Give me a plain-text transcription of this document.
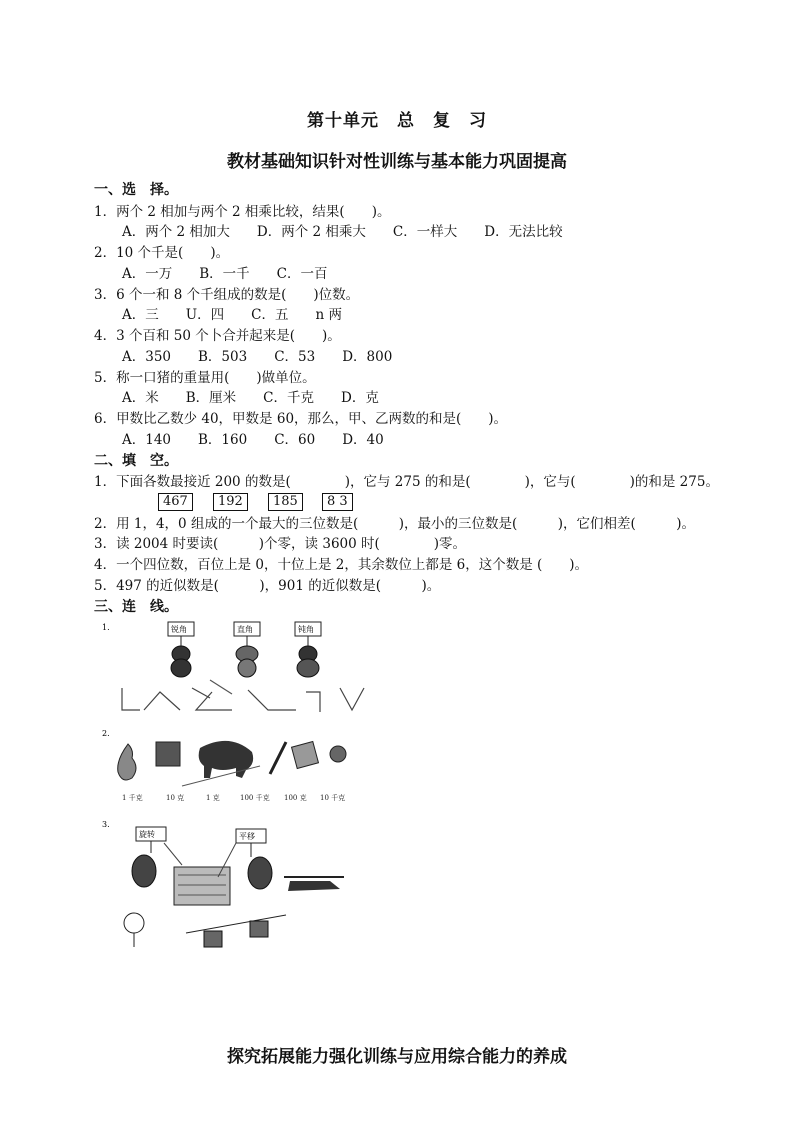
第十单元　总　复　习
教材基础知识针对性训练与基本能力巩固提高
一、选　择。
1．两个 2 相加与两个 2 相乘比较，结果(　　)。
A．两个 2 相加大　　D．两个 2 相乘大　　C．一样大　　D．无法比较
2．10 个千是(　　)。
A．一万　　B．一千　　C．一百
3．6 个一和 8 个千组成的数是(　　)位数。
A．三　　U．四　　C．五　　n 两
4．3 个百和 50 个卜合并起来是(　　)。
A．350　　B．503　　C．53　　D．800
5．称一口猪的重量用(　　)做单位。
A．米　　B．厘米　　C．千克　　D．克
6．甲数比乙数少 40，甲数是 60，那么，甲、乙两数的和是(　　)。
A．140　　B．160　　C．60　　D．40
二、填　空。
1．下面各数最接近 200 的数是(　　　　)，它与 275 的和是(　　　　)，它与(　　　　)的和是 275。
467	192	185	8 3
2．用 1，4，0 组成的一个最大的三位数是(　　　)，最小的三位数是(　　　)，它们相差(　　　)。
3．读 2004 时要读(　　　)个零，读 3600 时(　　　　)零。
4．一个四位数，百位上是 0，十位上是 2，其余数位上都是 6，这个数是 (　　)。
5．497 的近似数是(　　　)，901 的近似数是(　　　)。
三、连　线。
1.	锐角	直角	钝角
2.
1 千克	10 克	1 克	100 千克 100 克 10 千克
3.
旋转	平移
探究拓展能力强化训练与应用综合能力的养成
